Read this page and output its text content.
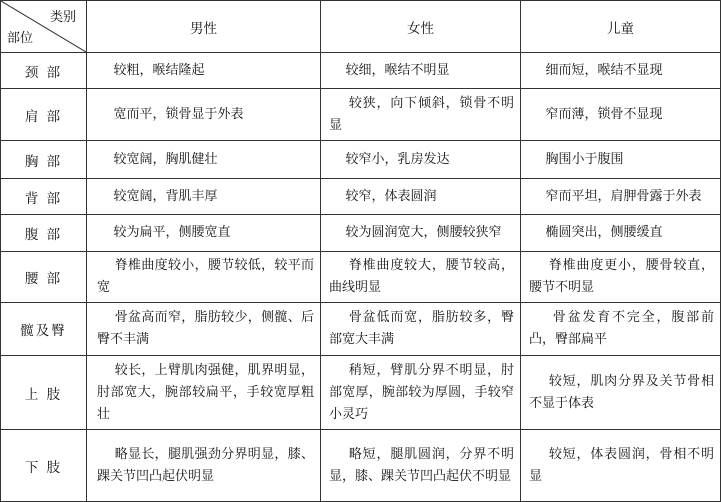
类别
部位	男性	女性	儿童
颈 部	较粗，喉结隆起	较细，喉结不明显	细而短，喉结不显现
肩 部	宽而平，锁骨显于外表	较狭，向下倾斜，锁骨不明显	窄而薄，锁骨不显现
胸 部	较宽阔，胸肌健壮	较窄小，乳房发达	胸围小于腹围
背 部	较宽阔，背肌丰厚	较窄，体表圆润	窄而平坦，肩胛骨露于外表
腹 部	较为扁平，侧腰宽直	较为圆润宽大，侧腰较狭窄	椭圆突出，侧腰缓直
腰 部	脊椎曲度较小，腰节较低，较平而宽	脊椎曲度较大，腰节较高，曲线明显	脊椎曲度更小，腰骨较直，腰节不明显
髋及臀	骨盆高而窄，脂肪较少，侧髋、后臀不丰满	骨盆低而宽，脂肪较多，臀部宽大丰满	骨盆发育不完全，腹部前凸，臀部扁平
上 肢	较长，上臂肌肉强健，肌界明显，肘部宽大，腕部较扁平，手较宽厚粗壮	稍短，臂肌分界不明显，肘部宽厚，腕部较为厚圆，手较窄小灵巧	较短，肌肉分界及关节骨相不显于体表
下 肢	略显长，腿肌强劲分界明显，膝、踝关节凹凸起伏明显	略短，腿肌圆润，分界不明显，膝、踝关节凹凸起伏不明显	较短，体表圆润，骨相不明显
